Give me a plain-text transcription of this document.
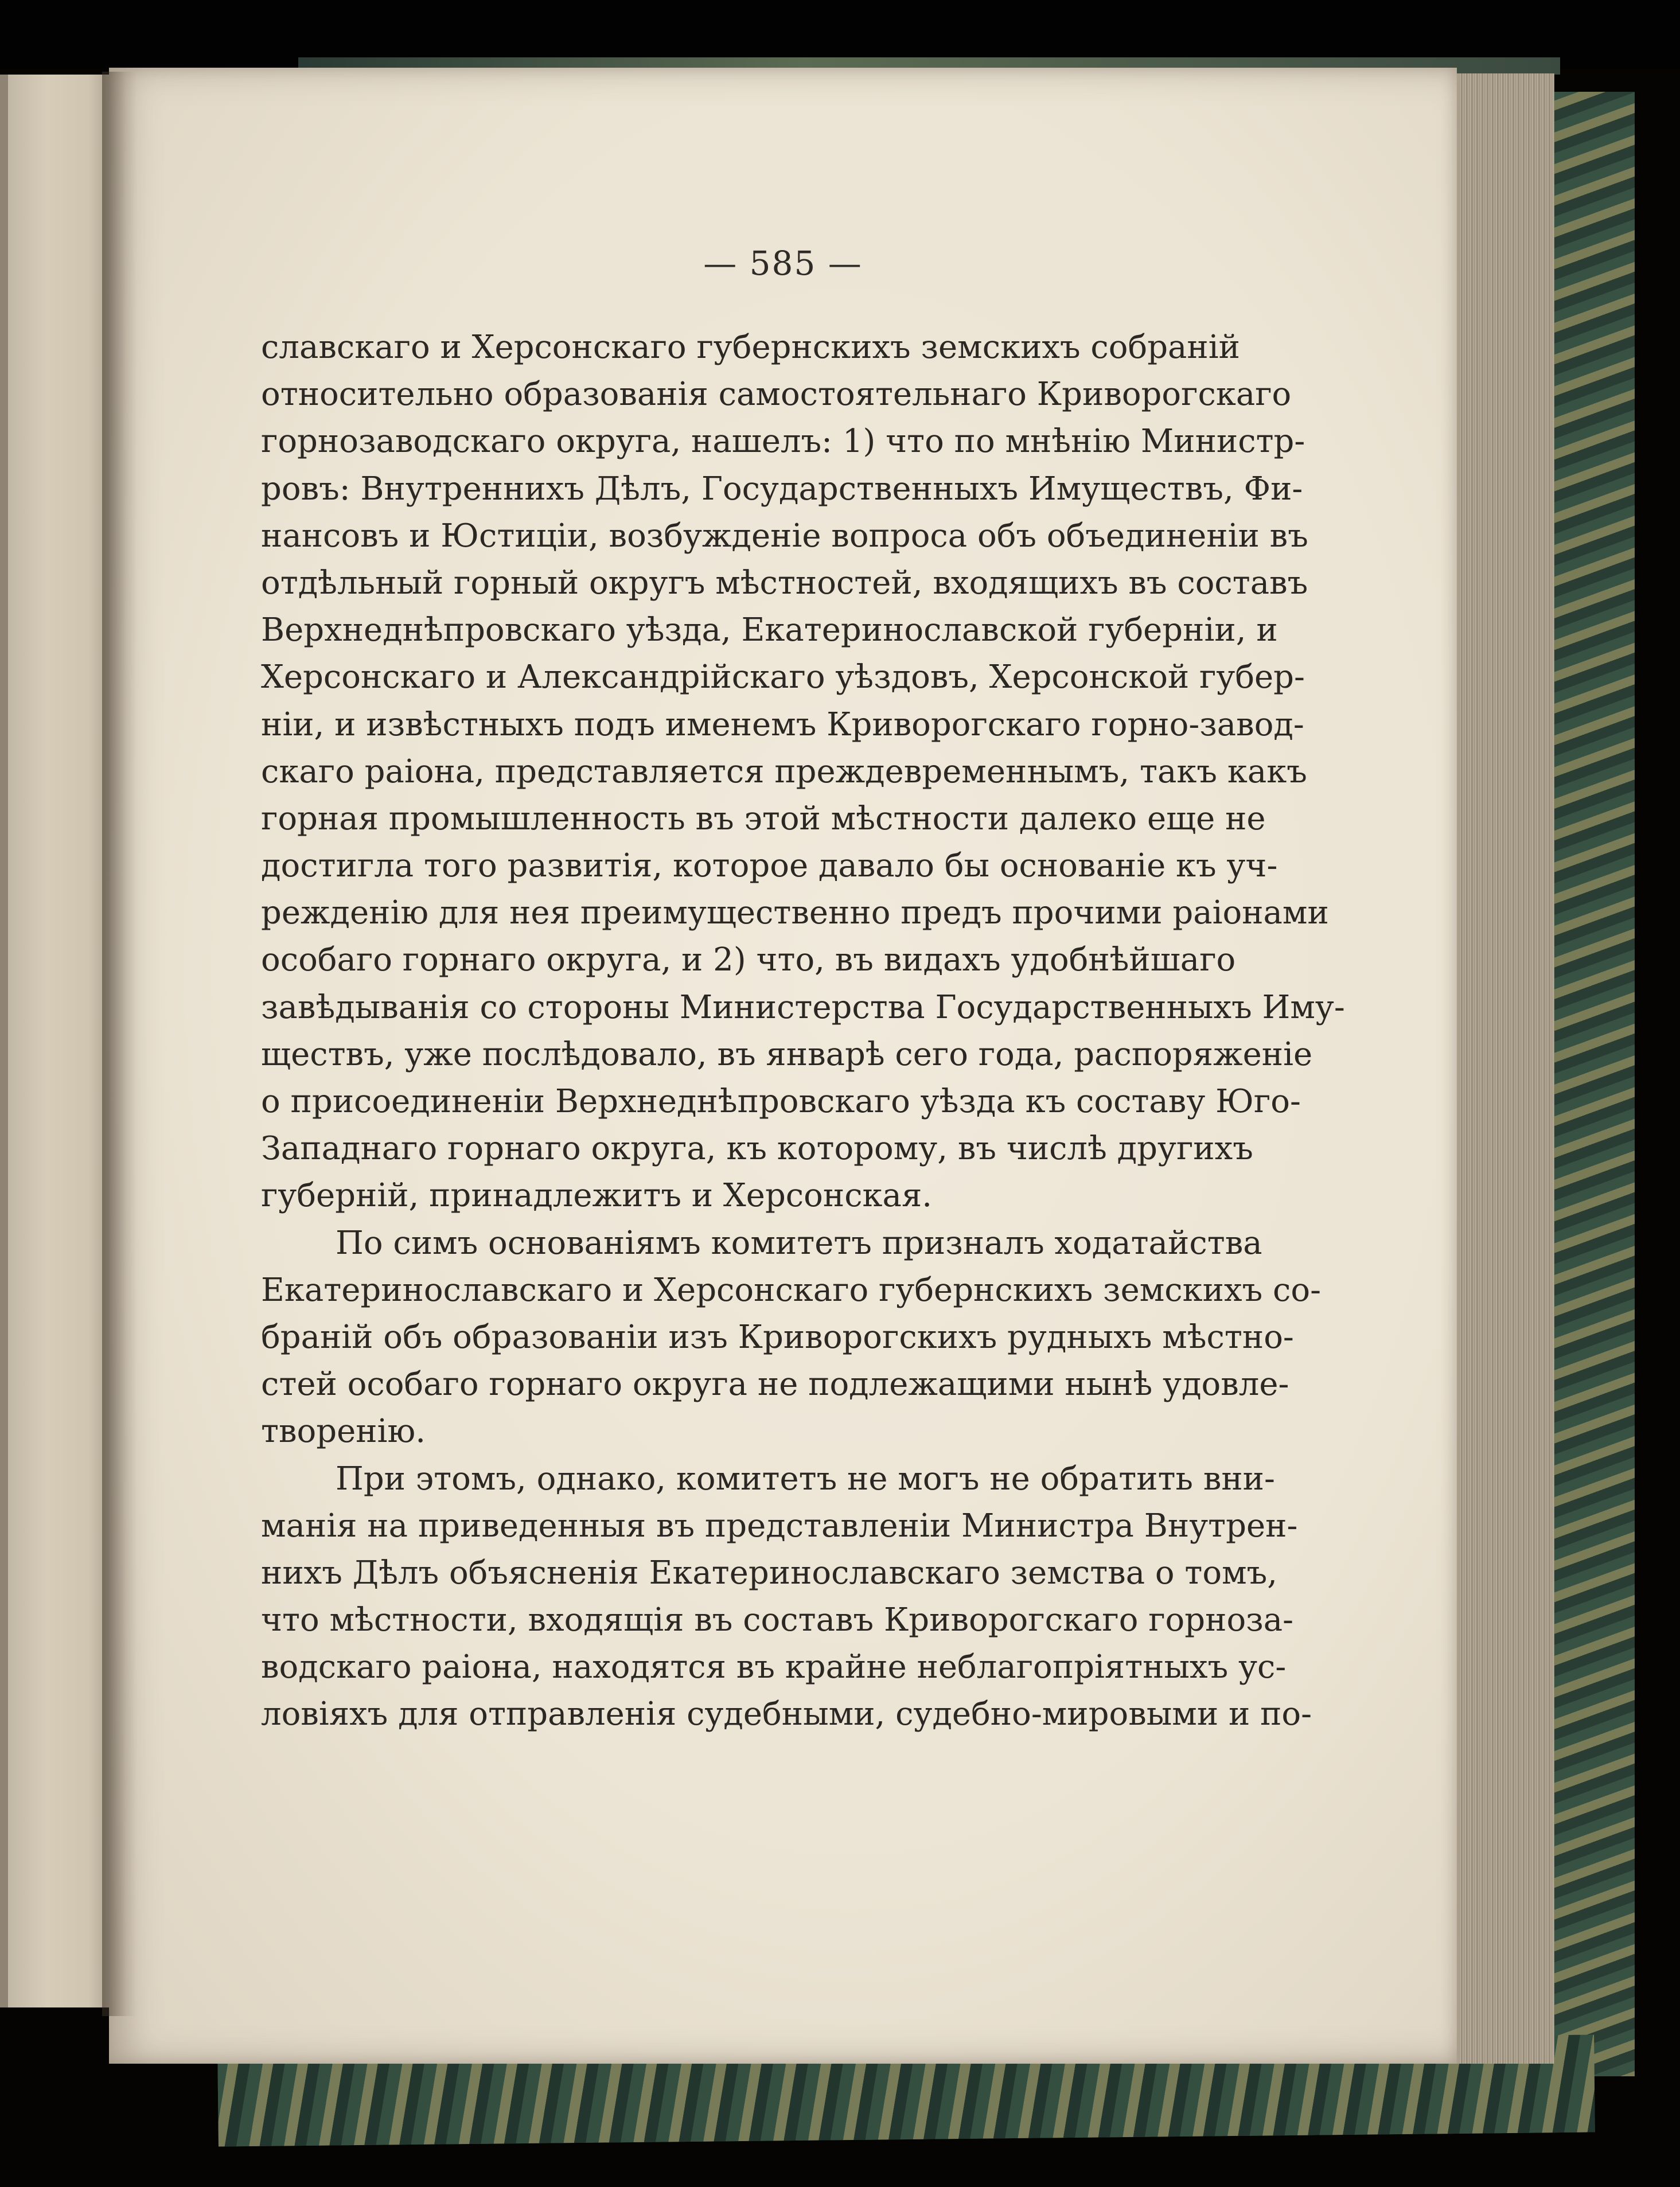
— 585 —
славскаго и Херсонскаго губернскихъ земскихъ собраній
относительно образованія самостоятельнаго Криворогскаго
горнозаводскаго округа, нашелъ: 1) что по мнѣнію Министр-
ровъ: Внутреннихъ Дѣлъ, Государственныхъ Имуществъ, Фи-
нансовъ и Юстиціи, возбужденіе вопроса объ объединеніи въ
отдѣльный горный округъ мѣстностей, входящихъ въ составъ
Верхнеднѣпровскаго уѣзда, Екатеринославской губерніи, и
Херсонскаго и Александрійскаго уѣздовъ, Херсонской губер-
ніи, и извѣстныхъ подъ именемъ Криворогскаго горно-завод-
скаго раіона, представляется преждевременнымъ, такъ какъ
горная промышленность въ этой мѣстности далеко еще не
достигла того развитія, которое давало бы основаніе къ уч-
режденію для нея преимущественно предъ прочими раіонами
особаго горнаго округа, и 2) что, въ видахъ удобнѣйшаго
завѣдыванія со стороны Министерства Государственныхъ Иму-
ществъ, уже послѣдовало, въ январѣ сего года, распоряженіе
о присоединеніи Верхнеднѣпровскаго уѣзда къ составу Юго-
Западнаго горнаго округа, къ которому, въ числѣ другихъ
губерній, принадлежитъ и Херсонская.
По симъ основаніямъ комитетъ призналъ ходатайства
Екатеринославскаго и Херсонскаго губернскихъ земскихъ со-
браній объ образованіи изъ Криворогскихъ рудныхъ мѣстно-
стей особаго горнаго округа не подлежащими нынѣ удовле-
творенію.
При этомъ, однако, комитетъ не могъ не обратить вни-
манія на приведенныя въ представленіи Министра Внутрен-
нихъ Дѣлъ объясненія Екатеринославскаго земства о томъ,
что мѣстности, входящія въ составъ Криворогскаго горноза-
водскаго раіона, находятся въ крайне неблагопріятныхъ ус-
ловіяхъ для отправленія судебными, судебно-мировыми и по-
